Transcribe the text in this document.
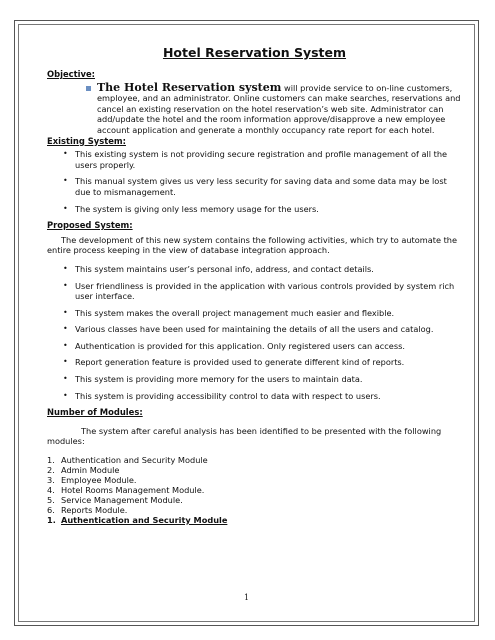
Hotel Reservation System
Objective:
The Hotel Reservation system will provide service to on-line customers, employee, and an administrator. Online customers can make searches, reservations and cancel an existing reservation on the hotel reservation’s web site. Administrator can add/update the hotel and the room information approve/disapprove a new employee account application and generate a monthly occupancy rate report for each hotel.
Existing System:
• This existing system is not providing secure registration and profile management of all the users properly.
• This manual system gives us very less security for saving data and some data may be lost due to mismanagement.
• The system is giving only less memory usage for the users.
Proposed System:

The development of this new system contains the following activities, which try to automate the entire process keeping in the view of database integration approach.

• This system maintains user’s personal info, address, and contact details.
• User friendliness is provided in the application with various controls provided by system rich user interface.
• This system makes the overall project management much easier and flexible.
• Various classes have been used for maintaining the details of all the users and catalog.
• Authentication is provided for this application. Only registered users can access.
• Report generation feature is provided used to generate different kind of reports.
• This system is providing more memory for the users to maintain data.
• This system is providing accessibility control to data with respect to users.
Number of Modules:

The system after careful analysis has been identified to be presented with the following modules:

1. Authentication and Security Module
2. Admin Module
3. Employee Module.
4. Hotel Rooms Management Module.
5. Service Management Module.
6. Reports Module.
1. Authentication and Security Module
1
